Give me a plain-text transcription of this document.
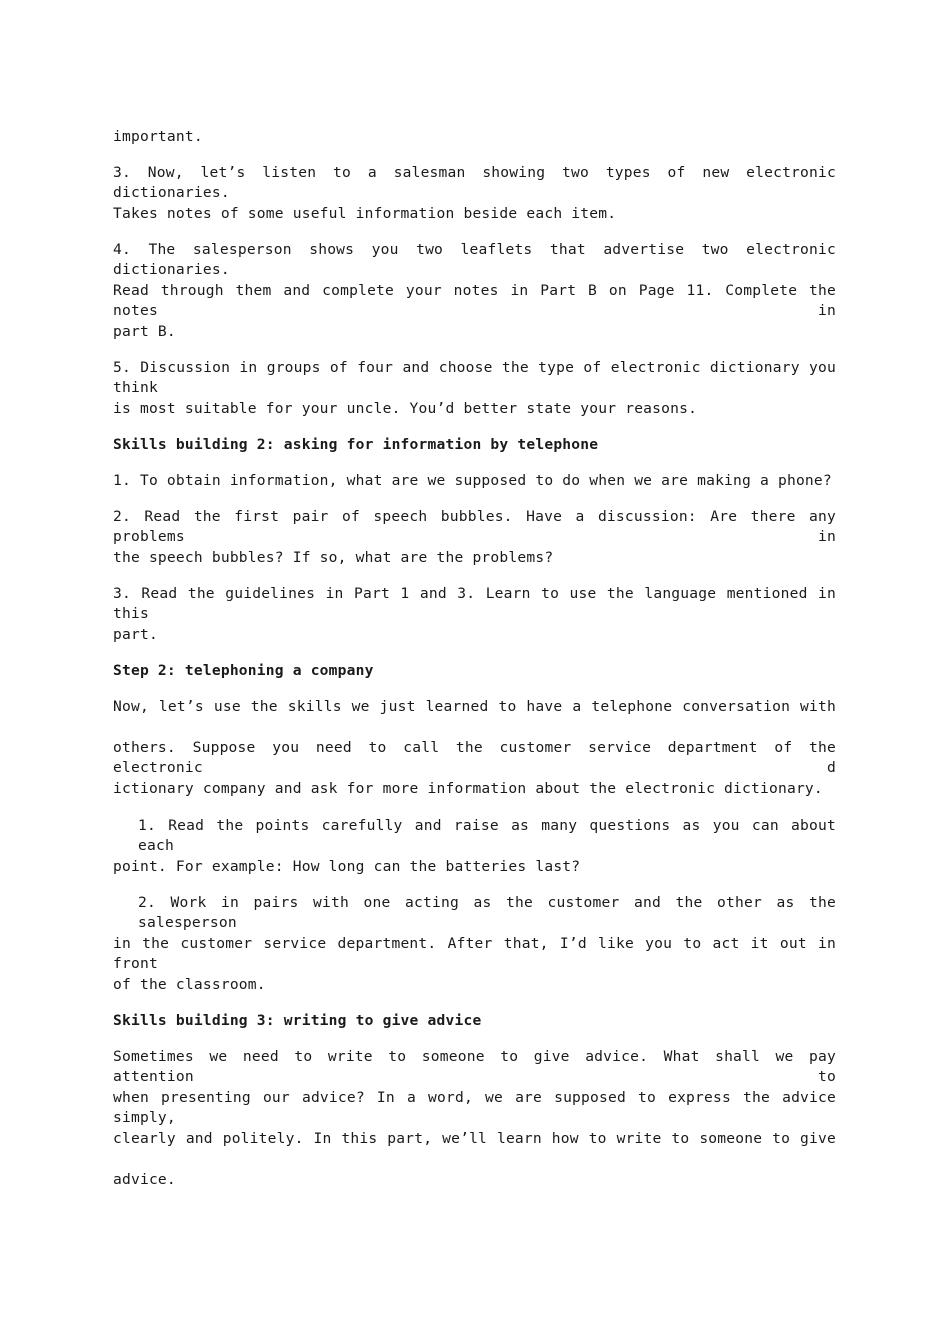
important.
3. Now, let’s listen to a salesman showing two types of new electronic dictionaries.
Takes notes of some useful information beside each item.
4. The salesperson shows you two leaflets that advertise two electronic dictionaries.
Read through them and complete your notes in Part B on Page 11. Complete the notes in
part B.
5. Discussion in groups of four and choose the type of electronic dictionary you think
is most suitable for your uncle. You’d better state your reasons.
Skills building 2: asking for information by telephone
1. To obtain information, what are we supposed to do when we are making a phone?
2. Read the first pair of speech bubbles. Have a discussion: Are there any problems in
the speech bubbles? If so, what are the problems?
3. Read the guidelines in Part 1 and 3. Learn to use the language mentioned in this
part.
Step 2: telephoning a company
Now, let’s use the skills we just learned to have a telephone conversation with
others. Suppose you need to call the customer service department of the electronic d
ictionary company and ask for more information about the electronic dictionary.
1. Read the points carefully and raise as many questions as you can about each
point. For example: How long can the batteries last?
2. Work in pairs with one acting as the customer and the other as the salesperson
in the customer service department. After that, I’d like you to act it out in front
of the classroom.
Skills building 3: writing to give advice
Sometimes we need to write to someone to give advice. What shall we pay attention to
when presenting our advice? In a word, we are supposed to express the advice simply,
clearly and politely. In this part, we’ll learn how to write to someone to give
advice.
